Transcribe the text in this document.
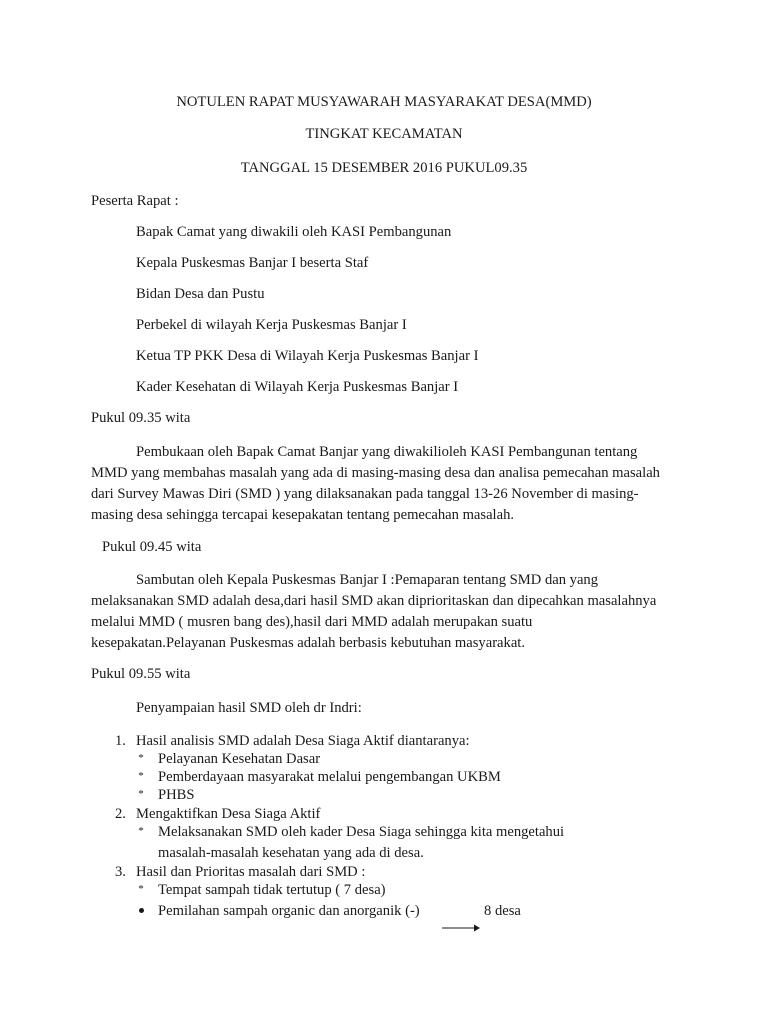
NOTULEN RAPAT MUSYAWARAH MASYARAKAT DESA(MMD)
TINGKAT KECAMATAN
TANGGAL 15 DESEMBER 2016 PUKUL09.35
Peserta Rapat :
Bapak Camat yang diwakili oleh KASI Pembangunan
Kepala Puskesmas Banjar I beserta Staf
Bidan Desa dan Pustu
Perbekel di wilayah Kerja Puskesmas Banjar I
Ketua TP PKK Desa di Wilayah Kerja Puskesmas Banjar I
Kader Kesehatan di Wilayah Kerja Puskesmas Banjar I
Pukul 09.35 wita
Pembukaan oleh Bapak Camat Banjar yang diwakilioleh KASI Pembangunan tentang
MMD yang membahas masalah yang ada di masing-masing desa dan analisa pemecahan masalah
dari Survey Mawas Diri (SMD ) yang dilaksanakan pada tanggal 13-26 November di masing-
masing desa sehingga tercapai kesepakatan tentang pemecahan masalah.
Pukul 09.45 wita
Sambutan oleh Kepala Puskesmas Banjar I :Pemaparan tentang SMD dan yang
melaksanakan SMD adalah desa,dari hasil SMD akan diprioritaskan dan dipecahkan masalahnya
melalui MMD ( musren bang des),hasil dari MMD adalah merupakan suatu
kesepakatan.Pelayanan Puskesmas adalah berbasis kebutuhan masyarakat.
Pukul 09.55 wita
Penyampaian hasil SMD oleh dr Indri:
1. Hasil analisis SMD adalah Desa Siaga Aktif diantaranya:
* Pelayanan Kesehatan Dasar
* Pemberdayaan masyarakat melalui pengembangan UKBM
* PHBS
2. Mengaktifkan Desa Siaga Aktif
* Melaksanakan SMD oleh kader Desa Siaga sehingga kita mengetahui
masalah-masalah kesehatan yang ada di desa.
3. Hasil dan Prioritas masalah dari SMD :
* Tempat sampah tidak tertutup ( 7 desa)
Pemilahan sampah organic dan anorganik (-)	8 desa
